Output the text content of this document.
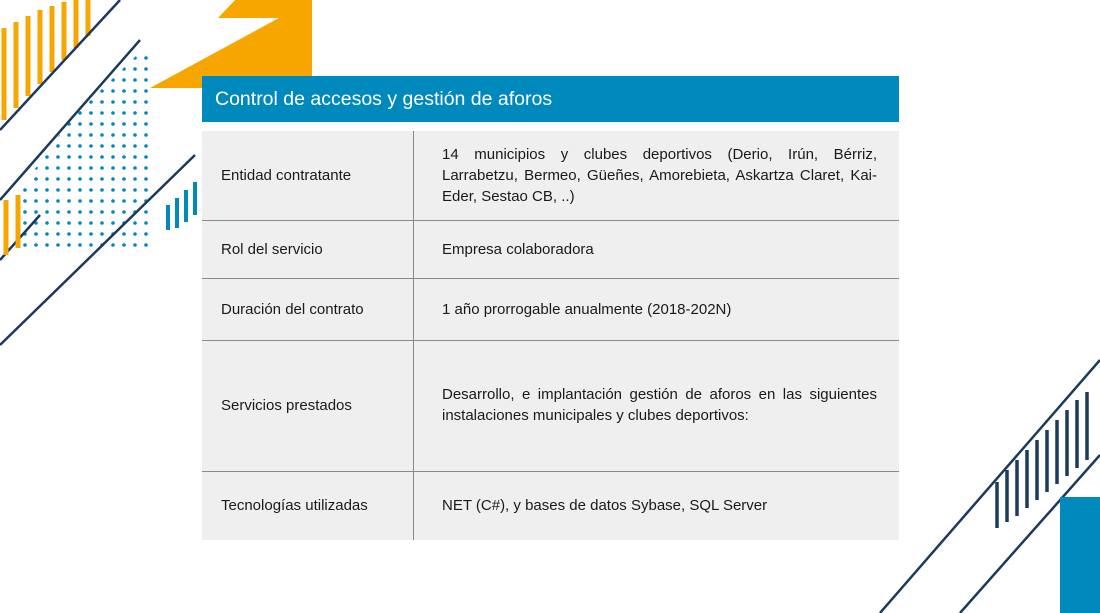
Control de accesos y gestión de aforos
Entidad contratante	14 municipios y clubes deportivos (Derio, Irún, Bérriz, Larrabetzu, Bermeo, Güeñes, Amorebieta, Askartza Claret, Kai-Eder, Sestao CB, ..)

Rol del servicio	Empresa colaboradora
Duración del contrato	1 año prorrogable anualmente (2018-202N)
Servicios prestados	Desarrollo, e implantación gestión de aforos en las siguientes instalaciones municipales y clubes deportivos:

Tecnologías utilizadas	NET (C#), y bases de datos Sybase, SQL Server
